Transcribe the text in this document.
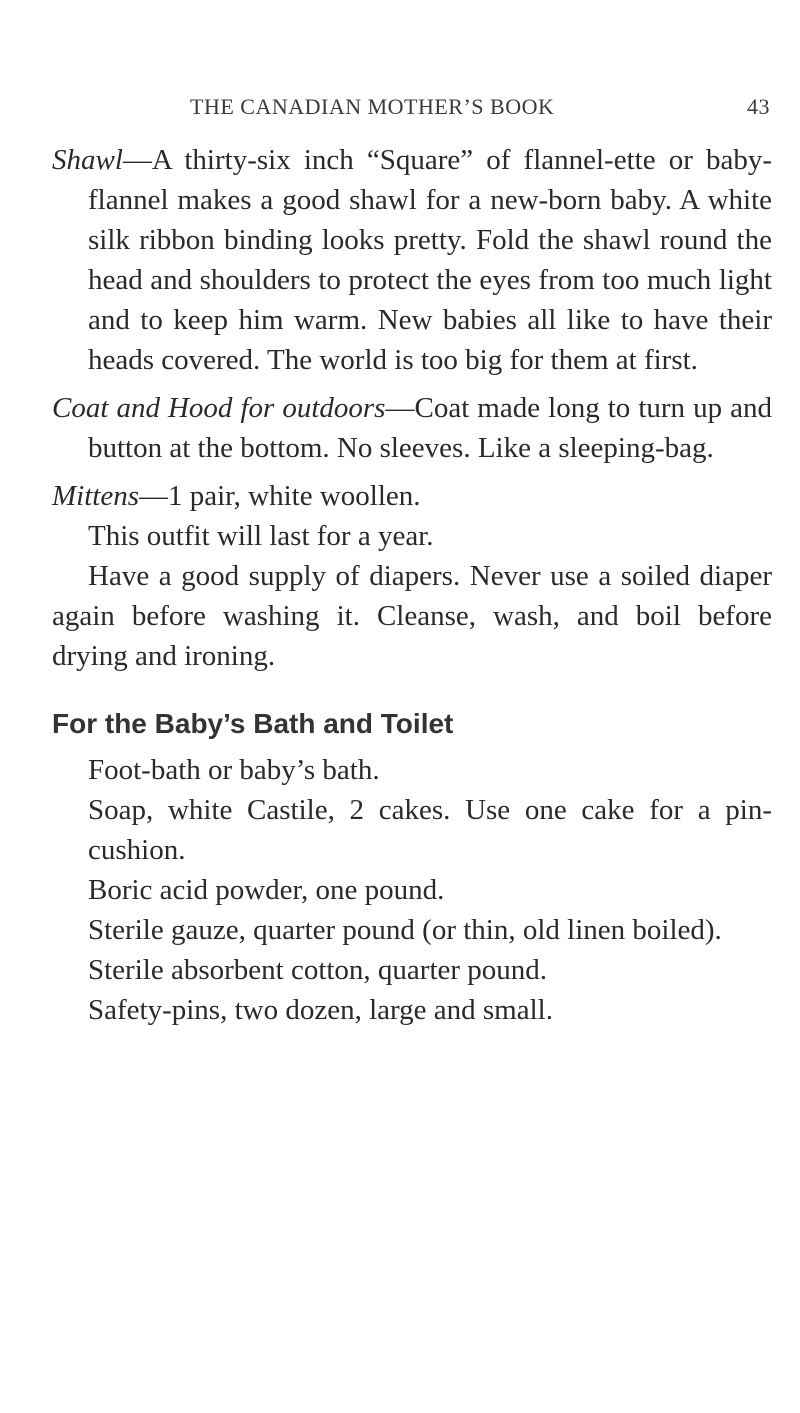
THE CANADIAN MOTHER’S BOOK	43

Shawl—A thirty-six inch “Square” of flannel-ette or baby-flannel makes a good shawl for a new-born baby. A white silk ribbon binding looks pretty. Fold the shawl round the head and shoulders to protect the eyes from too much light and to keep him warm. New babies all like to have their heads covered. The world is too big for them at first.

Coat and Hood for outdoors—Coat made long to turn up and button at the bottom. No sleeves. Like a sleeping-bag.

Mittens—1 pair, white woollen.

This outfit will last for a year.

Have a good supply of diapers. Never use a soiled diaper again before washing it. Cleanse, wash, and boil before drying and ironing.

For the Baby’s Bath and Toilet

Foot-bath or baby’s bath.

Soap, white Castile, 2 cakes. Use one cake for a pin-cushion.

Boric acid powder, one pound.

Sterile gauze, quarter pound (or thin, old linen boiled).

Sterile absorbent cotton, quarter pound.

Safety-pins, two dozen, large and small.
